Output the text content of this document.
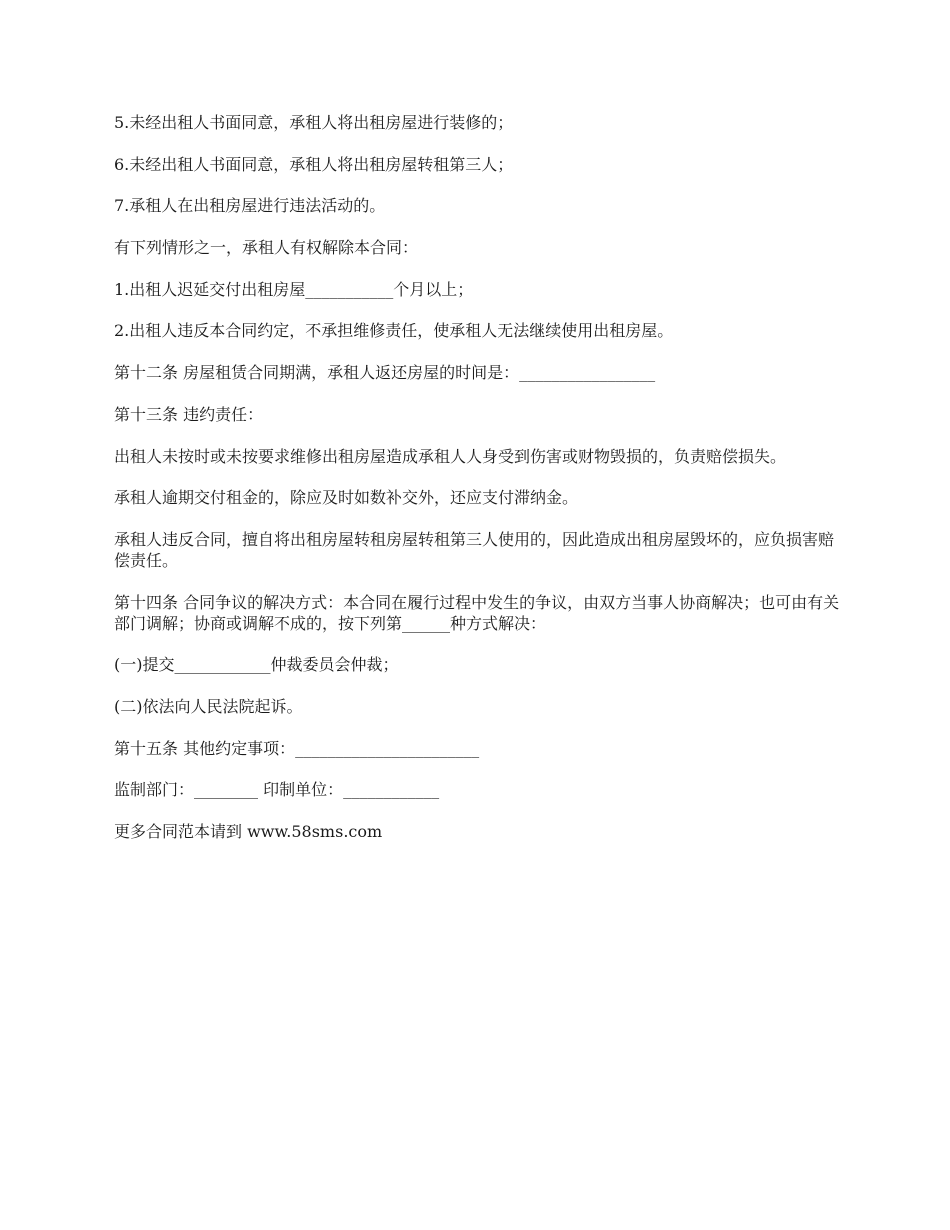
5.未经出租人书面同意，承租人将出租房屋进行装修的；

6.未经出租人书面同意，承租人将出租房屋转租第三人；

7.承租人在出租房屋进行违法活动的。

有下列情形之一，承租人有权解除本合同：

1.出租人迟延交付出租房屋___________个月以上；

2.出租人违反本合同约定，不承担维修责任，使承租人无法继续使用出租房屋。

第十二条 房屋租赁合同期满，承租人返还房屋的时间是：_________________

第十三条 违约责任：

出租人未按时或未按要求维修出租房屋造成承租人人身受到伤害或财物毁损的，负责赔偿损失。

承租人逾期交付租金的，除应及时如数补交外，还应支付滞纳金。

承租人违反合同，擅自将出租房屋转租房屋转租第三人使用的，因此造成出租房屋毁坏的，应负损害赔偿责任。

第十四条 合同争议的解决方式：本合同在履行过程中发生的争议，由双方当事人协商解决；也可由有关部门调解；协商或调解不成的，按下列第______种方式解决：

(一)提交____________仲裁委员会仲裁；

(二)依法向人民法院起诉。

第十五条 其他约定事项：_______________________

监制部门：________ 印制单位：____________

更多合同范本请到 www.58sms.com
